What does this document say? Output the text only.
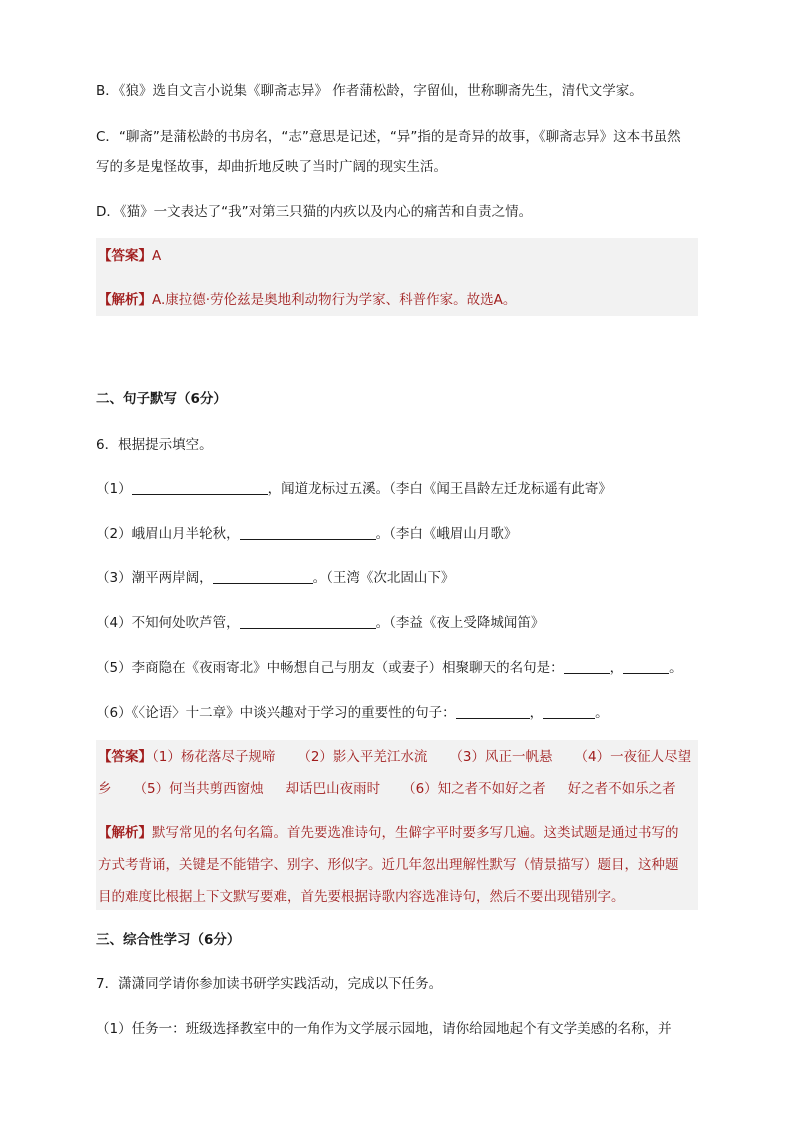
B．《狼》选自文言小说集《聊斋志异》 作者蒲松龄，字留仙，世称聊斋先生，清代文学家。
C．“聊斋”是蒲松龄的书房名，“志”意思是记述，“异”指的是奇异的故事，《聊斋志异》这本书虽然
写的多是鬼怪故事，却曲折地反映了当时广阔的现实生活。
D．《猫》一文表达了“我”对第三只猫的内疚以及内心的痛苦和自责之情。
【答案】A
【解析】A.康拉德·劳伦兹是奥地利动物行为学家、科普作家。故选A。
二、句子默写（6分）
6．根据提示填空。
（1）	，闻道龙标过五溪。（李白《闻王昌龄左迁龙标遥有此寄》
（2）峨眉山月半轮秋，	。（李白《峨眉山月歌》
（3）潮平两岸阔，	。（王湾《次北固山下》
（4）不知何处吹芦管，	。（李益《夜上受降城闻笛》
（5）李商隐在《夜雨寄北》中畅想自己与朋友（或妻子）相聚聊天的名句是：	，	。
（6）《〈论语〉十二章》中谈兴趣对于学习的重要性的句子：	，	。
【答案】（1）杨花落尽子规啼 （2）影入平羌江水流 （3）风正一帆悬 （4）一夜征人尽望
乡 （5）何当共剪西窗烛 却话巴山夜雨时 （6）知之者不如好之者 好之者不如乐之者
【解析】默写常见的名句名篇。首先要选准诗句，生僻字平时要多写几遍。这类试题是通过书写的
方式考背诵，关键是不能错字、别字、形似字。近几年忽出理解性默写（情景描写）题目，这种题
目的难度比根据上下文默写要难，首先要根据诗歌内容选准诗句，然后不要出现错别字。
三、综合性学习（6分）
7．潇潇同学请你参加读书研学实践活动，完成以下任务。
（1）任务一：班级选择教室中的一角作为文学展示园地，请你给园地起个有文学美感的名称，并
